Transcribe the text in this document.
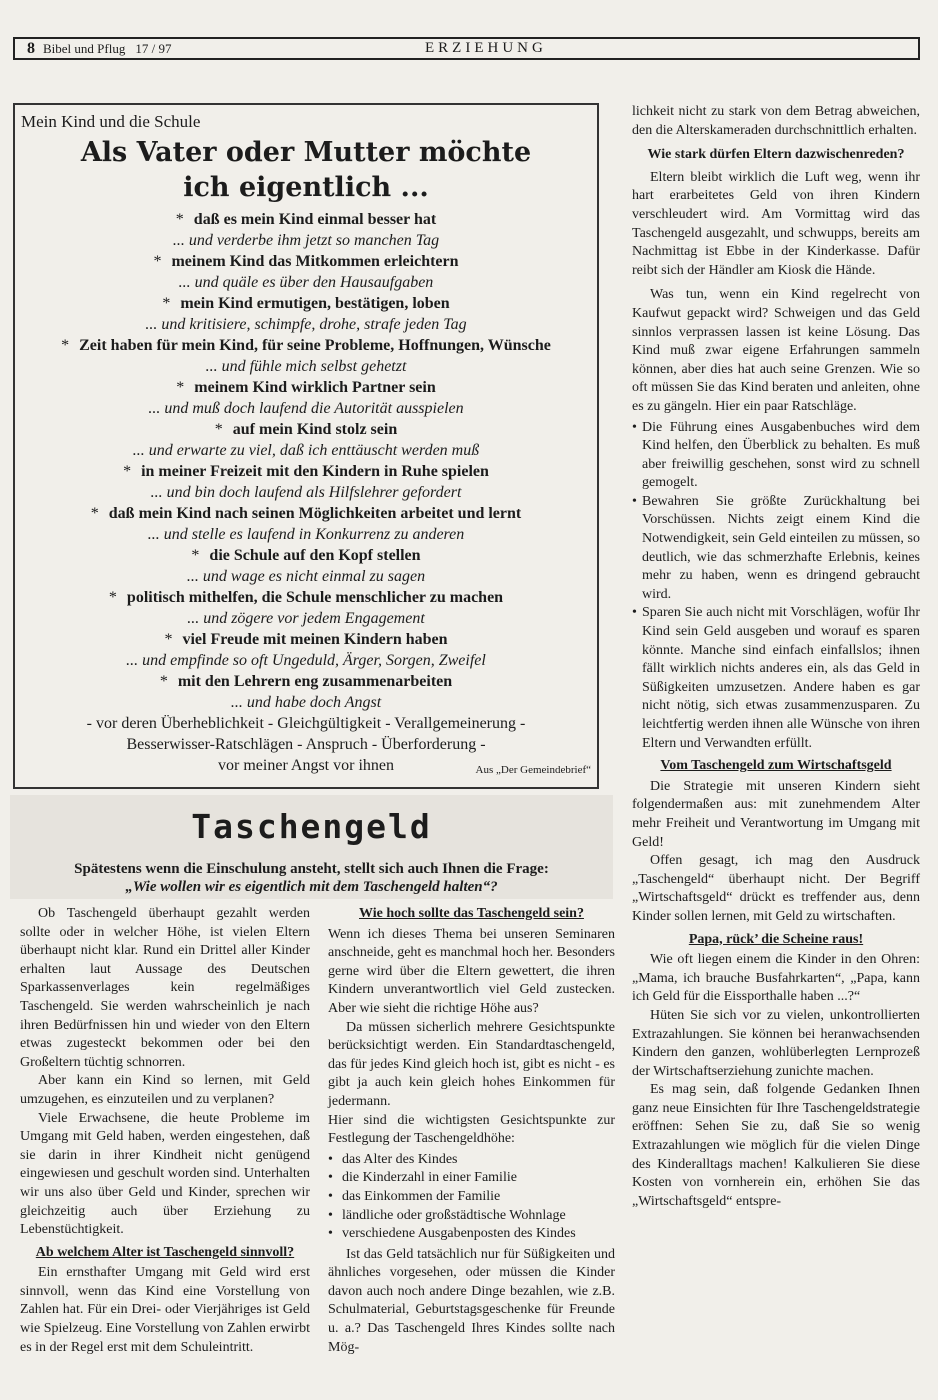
8 Bibel und Pflug 17 / 97	ERZIEHUNG
Mein Kind und die Schule
Als Vater oder Mutter möchte
ich eigentlich ...
* daß es mein Kind einmal besser hat
... und verderbe ihm jetzt so manchen Tag
* meinem Kind das Mitkommen erleichtern
... und quäle es über den Hausaufgaben
* mein Kind ermutigen, bestätigen, loben
... und kritisiere, schimpfe, drohe, strafe jeden Tag
* Zeit haben für mein Kind, für seine Probleme, Hoffnungen, Wünsche
... und fühle mich selbst gehetzt
* meinem Kind wirklich Partner sein
... und muß doch laufend die Autorität ausspielen
* auf mein Kind stolz sein
... und erwarte zu viel, daß ich enttäuscht werden muß
* in meiner Freizeit mit den Kindern in Ruhe spielen
... und bin doch laufend als Hilfslehrer gefordert
* daß mein Kind nach seinen Möglichkeiten arbeitet und lernt
... und stelle es laufend in Konkurrenz zu anderen
* die Schule auf den Kopf stellen
... und wage es nicht einmal zu sagen
* politisch mithelfen, die Schule menschlicher zu machen
... und zögere vor jedem Engagement
* viel Freude mit meinen Kindern haben
... und empfinde so oft Ungeduld, Ärger, Sorgen, Zweifel
* mit den Lehrern eng zusammenarbeiten
... und habe doch Angst
- vor deren Überheblichkeit - Gleichgültigkeit - Verallgemeinerung -
Besserwisser-Ratschlägen - Anspruch - Überforderung -
vor meiner Angst vor ihnen	Aus „Der Gemeindebrief“
Taschengeld
Spätestens wenn die Einschulung ansteht, stellt sich auch Ihnen die Frage:
„Wie wollen wir es eigentlich mit dem Taschengeld halten“?

Ob Taschengeld überhaupt gezahlt werden sollte oder in welcher Höhe, ist vielen Eltern überhaupt nicht klar. Rund ein Drittel aller Kinder erhalten laut Aussage des Deutschen Sparkassenverlages kein regelmäßiges Taschengeld. Sie werden wahrscheinlich je nach ihren Bedürfnissen hin und wieder von den Eltern etwas zugesteckt bekommen oder bei den Großeltern tüchtig schnorren.

Aber kann ein Kind so lernen, mit Geld umzugehen, es einzuteilen und zu verplanen?

Viele Erwachsene, die heute Probleme im Umgang mit Geld haben, werden eingestehen, daß sie darin in ihrer Kindheit nicht genügend eingewiesen und geschult worden sind. Unterhalten wir uns also über Geld und Kinder, sprechen wir gleichzeitig auch über Erziehung zu Lebenstüchtigkeit.

Ab welchem Alter ist Taschengeld sinnvoll?

Ein ernsthafter Umgang mit Geld wird erst sinnvoll, wenn das Kind eine Vorstellung von Zahlen hat. Für ein Drei- oder Vierjähriges ist Geld wie Spielzeug. Eine Vorstellung von Zahlen erwirbt es in der Regel erst mit dem Schuleintritt.

Wie hoch sollte das Taschengeld sein?

Wenn ich dieses Thema bei unseren Seminaren anschneide, geht es manchmal hoch her. Besonders gerne wird über die Eltern gewettert, die ihren Kindern unverantwortlich viel Geld zustecken. Aber wie sieht die richtige Höhe aus?

Da müssen sicherlich mehrere Gesichtspunkte berücksichtigt werden. Ein Standardtaschengeld, das für jedes Kind gleich hoch ist, gibt es nicht - es gibt ja auch kein gleich hohes Einkommen für jedermann.

Hier sind die wichtigsten Gesichtspunkte zur Festlegung der Taschengeldhöhe:

• das Alter des Kindes
• die Kinderzahl in einer Familie
• das Einkommen der Familie
• ländliche oder großstädtische Wohnlage
• verschiedene Ausgabenposten des Kindes

Ist das Geld tatsächlich nur für Süßigkeiten und ähnliches vorgesehen, oder müssen die Kinder davon auch noch andere Dinge bezahlen, wie z.B. Schulmaterial, Geburtstagsgeschenke für Freunde u. a.? Das Taschengeld Ihres Kindes sollte nach Mög-

lichkeit nicht zu stark von dem Betrag abweichen, den die Alterskameraden durchschnittlich erhalten.

Wie stark dürfen Eltern dazwischenreden?

Eltern bleibt wirklich die Luft weg, wenn ihr hart erarbeitetes Geld von ihren Kindern verschleudert wird. Am Vormittag wird das Taschengeld ausgezahlt, und schwupps, bereits am Nachmittag ist Ebbe in der Kinderkasse. Dafür reibt sich der Händler am Kiosk die Hände.

Was tun, wenn ein Kind regelrecht von Kaufwut gepackt wird? Schweigen und das Geld sinnlos verprassen lassen ist keine Lösung. Das Kind muß zwar eigene Erfahrungen sammeln können, aber dies hat auch seine Grenzen. Wie so oft müssen Sie das Kind beraten und anleiten, ohne es zu gängeln. Hier ein paar Ratschläge.

• Die Führung eines Ausgabenbuches wird dem Kind helfen, den Überblick zu behalten. Es muß aber freiwillig geschehen, sonst wird zu schnell gemogelt.
• Bewahren Sie größte Zurückhaltung bei Vorschüssen. Nichts zeigt einem Kind die Notwendigkeit, sein Geld einteilen zu müssen, so deutlich, wie das schmerzhafte Erlebnis, keines mehr zu haben, wenn es dringend gebraucht wird.
• Sparen Sie auch nicht mit Vorschlägen, wofür Ihr Kind sein Geld ausgeben und worauf es sparen könnte. Manche sind einfach einfallslos; ihnen fällt wirklich nichts anderes ein, als das Geld in Süßigkeiten umzusetzen. Andere haben es gar nicht nötig, sich etwas zusammenzusparen. Zu leichtfertig werden ihnen alle Wünsche von ihren Eltern und Verwandten erfüllt.
Vom Taschengeld zum Wirtschaftsgeld

Die Strategie mit unseren Kindern sieht folgendermaßen aus: mit zunehmendem Alter mehr Freiheit und Verantwortung im Umgang mit Geld!

Offen gesagt, ich mag den Ausdruck „Taschengeld“ überhaupt nicht. Der Begriff „Wirtschaftsgeld“ drückt es treffender aus, denn Kinder sollen lernen, mit Geld zu wirtschaften.

Papa, rück’ die Scheine raus!

Wie oft liegen einem die Kinder in den Ohren: „Mama, ich brauche Busfahrkarten“, „Papa, kann ich Geld für die Eissporthalle haben ...?“

Hüten Sie sich vor zu vielen, unkontrollierten Extrazahlungen. Sie können bei heranwachsenden Kindern den ganzen, wohlüberlegten Lernprozeß der Wirtschaftserziehung zunichte machen.

Es mag sein, daß folgende Gedanken Ihnen ganz neue Einsichten für Ihre Taschengeldstrategie eröffnen: Sehen Sie zu, daß Sie so wenig Extrazahlungen wie möglich für die vielen Dinge des Kinderalltags machen! Kalkulieren Sie diese Kosten von vornherein ein, erhöhen Sie das „Wirtschaftsgeld“ entspre-
